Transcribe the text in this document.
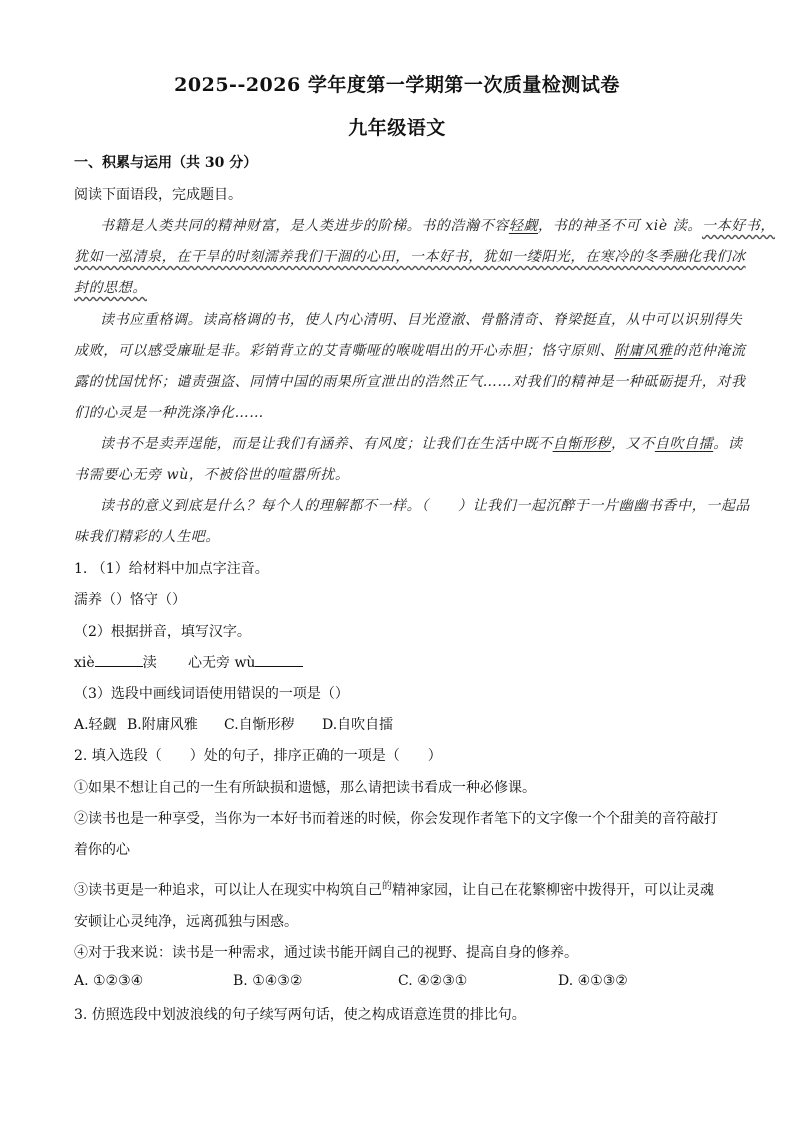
2025--2026 学年度第一学期第一次质量检测试卷
九年级语文
一、积累与运用（共 30 分）
阅读下面语段，完成题目。
书籍是人类共同的精神财富，是人类进步的阶梯。书的浩瀚不容轻觑，书的神圣不可 xiè 渎。一本好书，
犹如一泓清泉，在干旱的时刻濡养我们干涸的心田，一本好书，犹如一缕阳光，在寒冷的冬季融化我们冰
封的思想。
读书应重格调。读高格调的书，使人内心清明、目光澄澈、骨骼清奇、脊梁挺直，从中可以识别得失
成败，可以感受廉耻是非。彩销背立的艾青嘶哑的喉咙唱出的开心赤胆；恪守原则、附庸风雅的范仲淹流
露的忧国忧怀；谴责强盗、同情中国的雨果所宣泄出的浩然正气……对我们的精神是一种砥砺提升，对我
们的心灵是一种洗涤净化……
读书不是卖弄逞能，而是让我们有涵养、有风度；让我们在生活中既不自惭形秽，又不自吹自擂。读
书需要心无旁 wù，不被俗世的喧嚣所扰。
读书的意义到底是什么？每个人的理解都不一样。（　　）让我们一起沉醉于一片幽幽书香中，一起品
味我们精彩的人生吧。
1. （1）给材料中加点字注音。
濡养（）恪守（）
（2）根据拼音，填写汉字。
xiè	渎 心无旁 wù
（3）选段中画线词语使用错误的一项是（）
A.轻觑 B.附庸风雅 C.自惭形秽 D.自吹自擂
2. 填入选段（　　）处的句子，排序正确的一项是（　　）
①如果不想让自己的一生有所缺损和遗憾，那么请把读书看成一种必修课。
②读书也是一种享受，当你为一本好书而着迷的时候，你会发现作者笔下的文字像一个个甜美的音符敲打
着你的心
③读书更是一种追求，可以让人在现实中构筑自己$^的$精神家园，让自己在花繁柳密中拨得开，可以让灵魂
安顿让心灵纯净，远离孤独与困惑。
④对于我来说：读书是一种需求，通过读书能开阔自己的视野、提高自身的修养。
A. ①②③④	B. ①④③②	C. ④②③①	D. ④①③②
3. 仿照选段中划波浪线的句子续写两句话，使之构成语意连贯的排比句。
